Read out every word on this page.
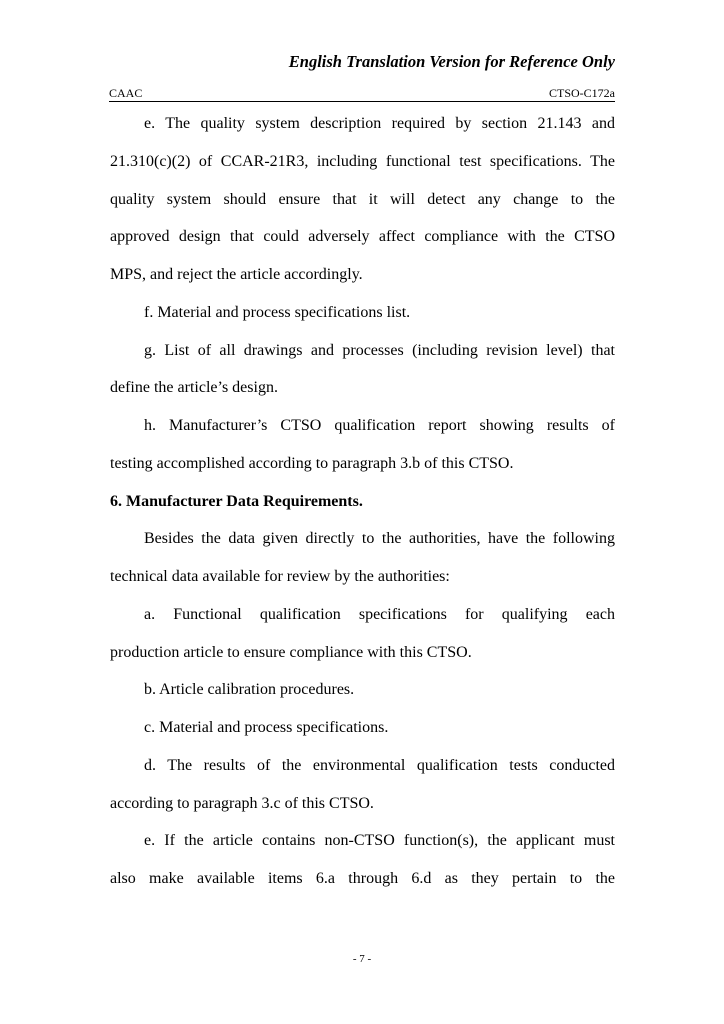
English Translation Version for Reference Only
CAAC	CTSO-C172a
e. The quality system description required by section 21.143 and
21.310(c)(2) of CCAR-21R3, including functional test specifications. The
quality system should ensure that it will detect any change to the
approved design that could adversely affect compliance with the CTSO
MPS, and reject the article accordingly.
f. Material and process specifications list.
g. List of all drawings and processes (including revision level) that
define the article’s design.
h. Manufacturer’s CTSO qualification report showing results of
testing accomplished according to paragraph 3.b of this CTSO.
6. Manufacturer Data Requirements.
Besides the data given directly to the authorities, have the following
technical data available for review by the authorities:
a. Functional qualification specifications for qualifying each
production article to ensure compliance with this CTSO.
b. Article calibration procedures.
c. Material and process specifications.
d. The results of the environmental qualification tests conducted
according to paragraph 3.c of this CTSO.
e. If the article contains non-CTSO function(s), the applicant must
also make available items 6.a through 6.d as they pertain to the
- 7 -
